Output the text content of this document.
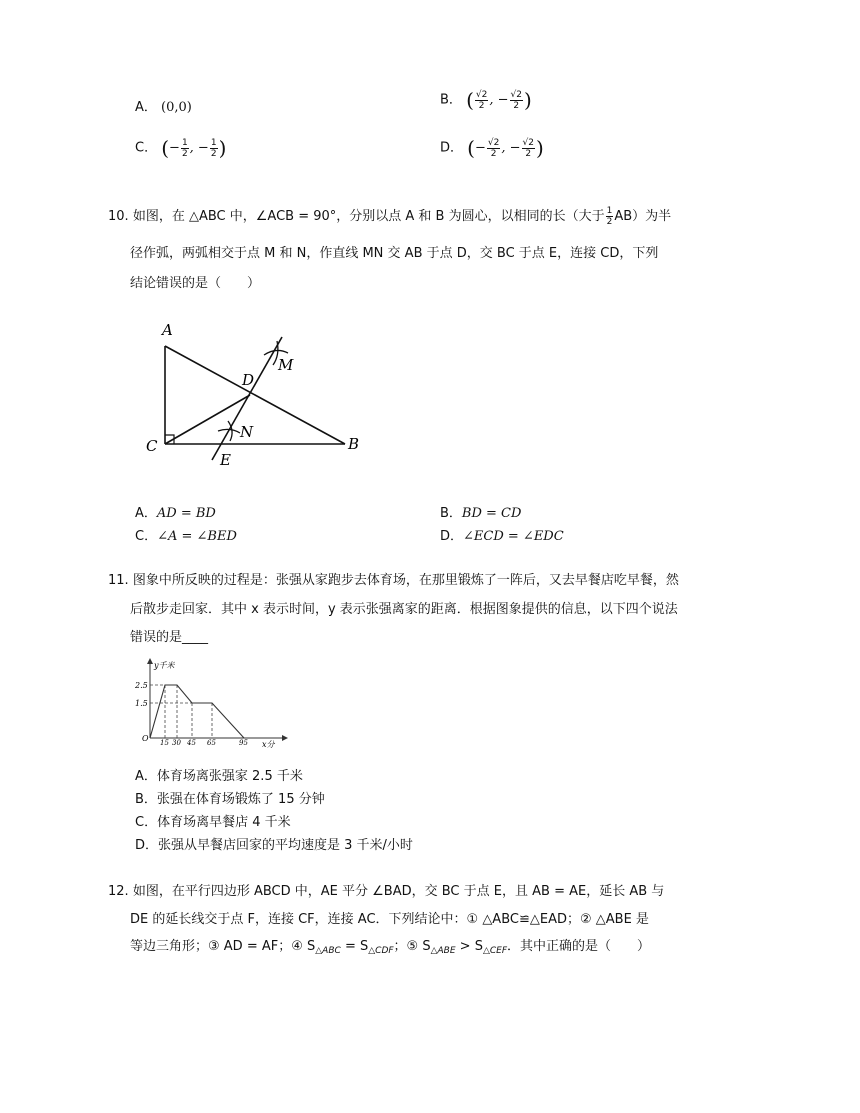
A． (0,0)	B． ( $\frac{√2}{2}$ , − $\frac{√2}{2}$ )
C． (− $\frac{1}{2}$ , − $\frac{1}{2}$ )	D． (− $\frac{√2}{2}$ , − $\frac{√2}{2}$ )
10. 如图，在 △ABC 中，∠ACB = 90°，分别以点 A 和 B 为圆心，以相同的长（大于 $\frac{1}{2} AB$）为半
径作弧，两弧相交于点 M 和 N，作直线 MN 交 AB 于点 D，交 BC 于点 E，连接 CD，下列
结论错误的是（　　）
A
B
C
D
E
M
N
A．AD = BD	B．BD = CD
C．∠A = ∠BED	D．∠ECD = ∠EDC
11. 图象中所反映的过程是：张强从家跑步去体育场，在那里锻炼了一阵后，又去早餐店吃早餐，然
后散步走回家．其中 x 表示时间，y 表示张强离家的距离．根据图象提供的信息，以下四个说法
错误的是____
y千米
x分
O
2.5
1.5
15 30 45 65	95
A．体育场离张强家 2.5 千米
B．张强在体育场锻炼了 15 分钟
C．体育场离早餐店 4 千米
D．张强从早餐店回家的平均速度是 3 千米/小时
12. 如图，在平行四边形 ABCD 中，AE 平分 ∠BAD，交 BC 于点 E，且 AB = AE，延长 AB 与
DE 的延长线交于点 F，连接 CF，连接 AC．下列结论中：① △ABC≌△EAD；② △ABE 是
等边三角形；③ AD = AF；④ $S_{\triangle ABC} = S_{\triangle CDF}$；⑤ $S_{\triangle ABE} > S_{\triangle CEF}$．其中正确的是（　　）
